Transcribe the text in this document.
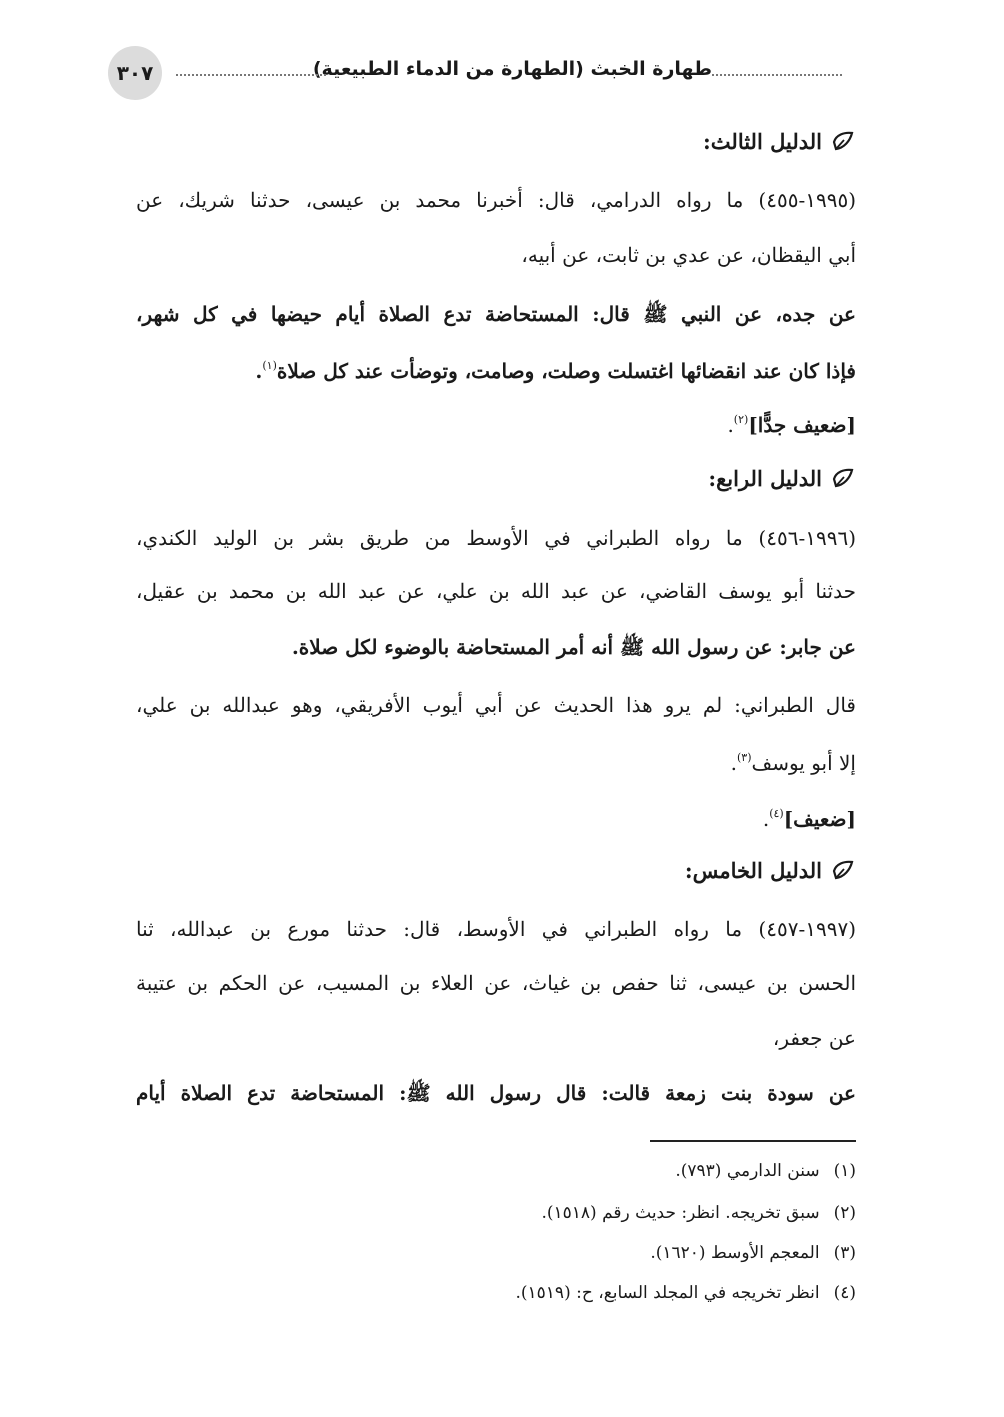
طهارة الخبث (الطهارة من الدماء الطبيعية)
٣٠٧
الدليل الثالث:
(١٩٩٥-٤٥٥) ما رواه الدرامي، قال: أخبرنا محمد بن عيسى، حدثنا شريك، عن
أبي اليقظان، عن عدي بن ثابت، عن أبيه،
عن جده، عن النبي ﷺ قال: المستحاضة تدع الصلاة أيام حيضها في كل شهر،
فإذا كان عند انقضائها اغتسلت وصلت، وصامت، وتوضأت عند كل صلاة$^{(١)}$.
[ضعيف جدًّا]$^{(٢)}$.
الدليل الرابع:
(١٩٩٦-٤٥٦) ما رواه الطبراني في الأوسط من طريق بشر بن الوليد الكندي،
حدثنا أبو يوسف القاضي، عن عبد الله بن علي، عن عبد الله بن محمد بن عقيل،
عن جابر: عن رسول الله ﷺ أنه أمر المستحاضة بالوضوء لكل صلاة.
قال الطبراني: لم يرو هذا الحديث عن أبي أيوب الأفريقي، وهو عبدالله بن علي،
إلا أبو يوسف$^{(٣)}$.
[ضعيف]$^{(٤)}$.
الدليل الخامس:
(١٩٩٧-٤٥٧) ما رواه الطبراني في الأوسط، قال: حدثنا مورع بن عبدالله، ثنا
الحسن بن عيسى، ثنا حفص بن غياث، عن العلاء بن المسيب، عن الحكم بن عتيبة
عن جعفر،
عن سودة بنت زمعة قالت: قال رسول الله ﷺ: المستحاضة تدع الصلاة أيام
(١)
سنن الدارمي (٧٩٣).
(٢)
سبق تخريجه. انظر: حديث رقم (١٥١٨).
(٣)
المعجم الأوسط (١٦٢٠).
(٤)
انظر تخريجه في المجلد السابع، ح: (١٥١٩).
